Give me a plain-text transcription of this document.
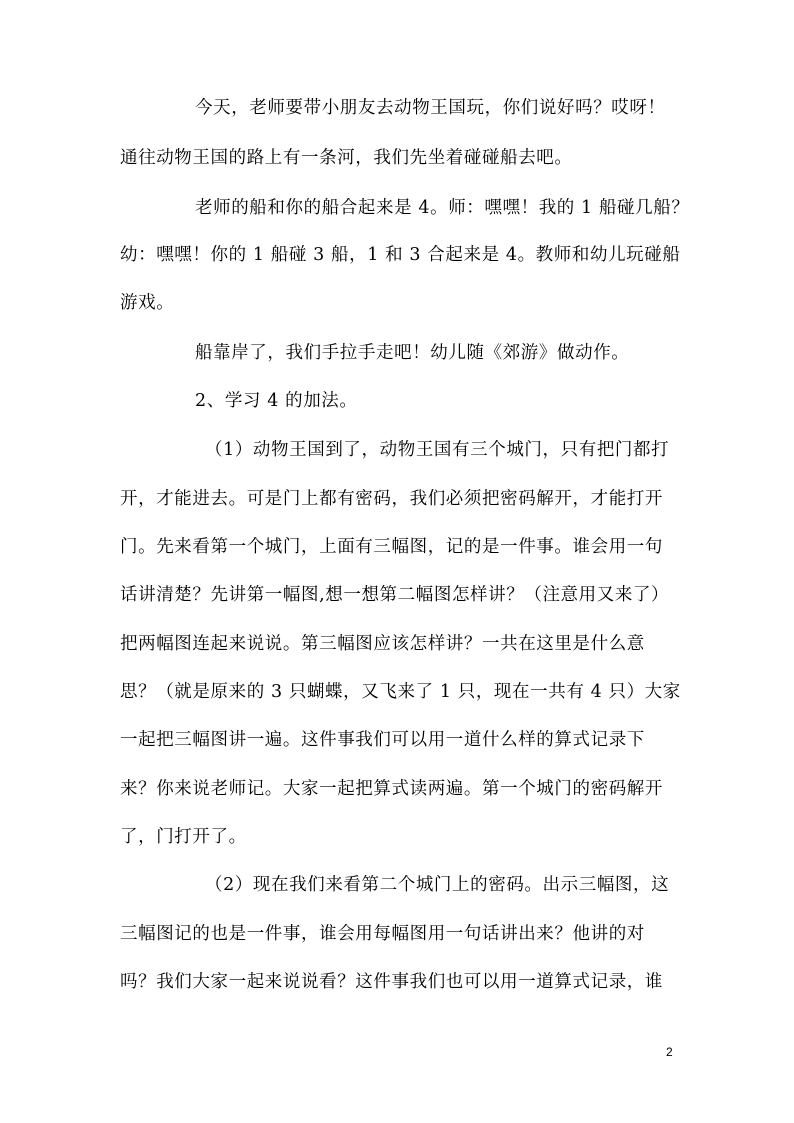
今天，老师要带小朋友去动物王国玩，你们说好吗？哎呀！
通往动物王国的路上有一条河，我们先坐着碰碰船去吧。
老师的船和你的船合起来是 4。师：嘿嘿！我的 1 船碰几船？
幼：嘿嘿！你的 1 船碰 3 船，1 和 3 合起来是 4。教师和幼儿玩碰船
游戏。
船靠岸了，我们手拉手走吧！幼儿随《郊游》做动作。
2、学习 4 的加法。
（1）动物王国到了，动物王国有三个城门，只有把门都打
开，才能进去。可是门上都有密码，我们必须把密码解开，才能打开
门。先来看第一个城门，上面有三幅图，记的是一件事。谁会用一句
话讲清楚？先讲第一幅图,想一想第二幅图怎样讲？（注意用又来了）
把两幅图连起来说说。第三幅图应该怎样讲？一共在这里是什么意
思？（就是原来的 3 只蝴蝶，又飞来了 1 只，现在一共有 4 只）大家
一起把三幅图讲一遍。这件事我们可以用一道什么样的算式记录下
来？你来说老师记。大家一起把算式读两遍。第一个城门的密码解开
了，门打开了。
（2）现在我们来看第二个城门上的密码。出示三幅图，这
三幅图记的也是一件事，谁会用每幅图用一句话讲出来？他讲的对
吗？我们大家一起来说说看？这件事我们也可以用一道算式记录，谁
2
